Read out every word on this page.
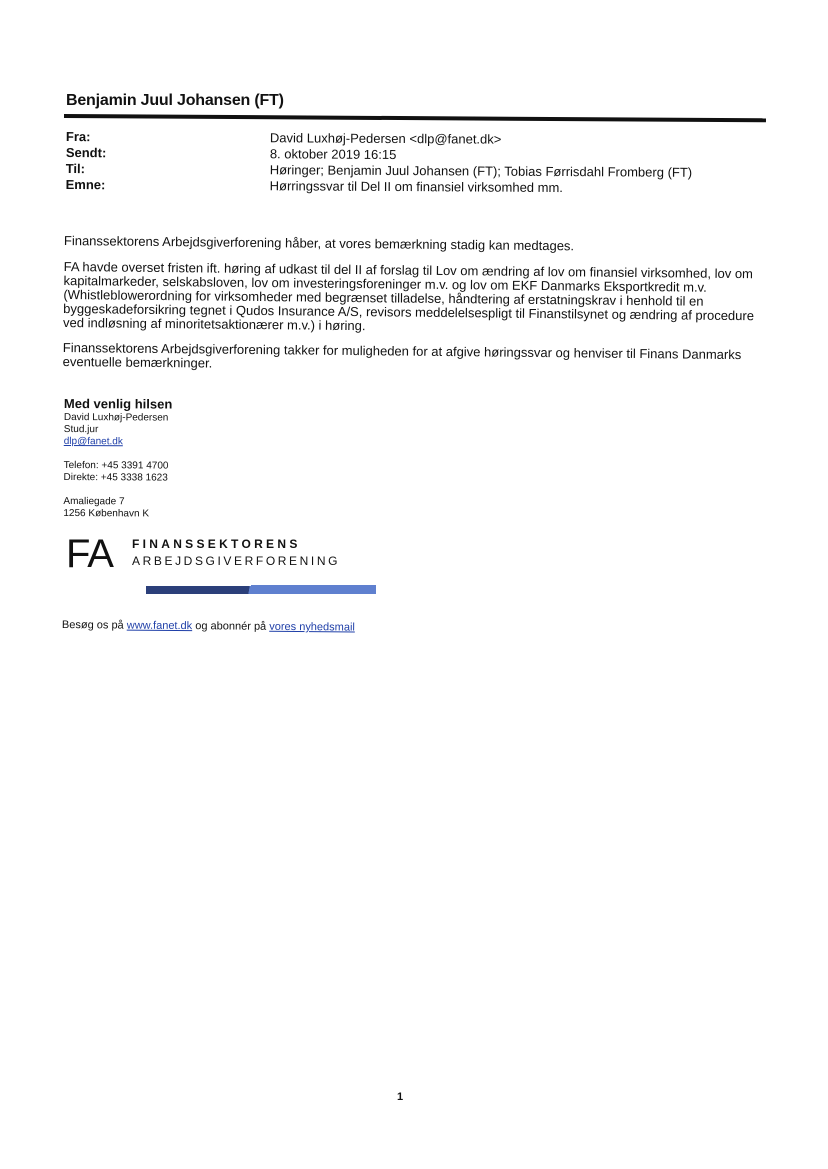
Benjamin Juul Johansen (FT)
Fra:	David Luxhøj-Pedersen <dlp@fanet.dk>
Sendt:	8. oktober 2019 16:15
Til:	Høringer; Benjamin Juul Johansen (FT); Tobias Førrisdahl Fromberg (FT)
Emne:	Hørringssvar til Del II om finansiel virksomhed mm.

Finanssektorens Arbejdsgiverforening håber, at vores bemærkning stadig kan medtages.

FA havde overset fristen ift. høring af udkast til del II af forslag til Lov om ændring af lov om finansiel virksomhed, lov om kapitalmarkeder, selskabsloven, lov om investeringsforeninger m.v. og lov om EKF Danmarks Eksportkredit m.v. (Whistleblowerordning for virksomheder med begrænset tilladelse, håndtering af erstatningskrav i henhold til en byggeskadeforsikring tegnet i Qudos Insurance A/S, revisors meddelelsespligt til Finanstilsynet og ændring af procedure ved indløsning af minoritetsaktionærer m.v.) i høring.

Finanssektorens Arbejdsgiverforening takker for muligheden for at afgive høringssvar og henviser til Finans Danmarks eventuelle bemærkninger.

Med venlig hilsen
David Luxhøj-Pedersen
Stud.jur
dlp@fanet.dk
Telefon: +45 3391 4700
Direkte: +45 3338 1623
Amaliegade 7
1256 København K
FA FINANSSEKTORENS
ARBEJDSGIVERFORENING
Besøg os på www.fanet.dk og abonnér på vores nyhedsmail
1
